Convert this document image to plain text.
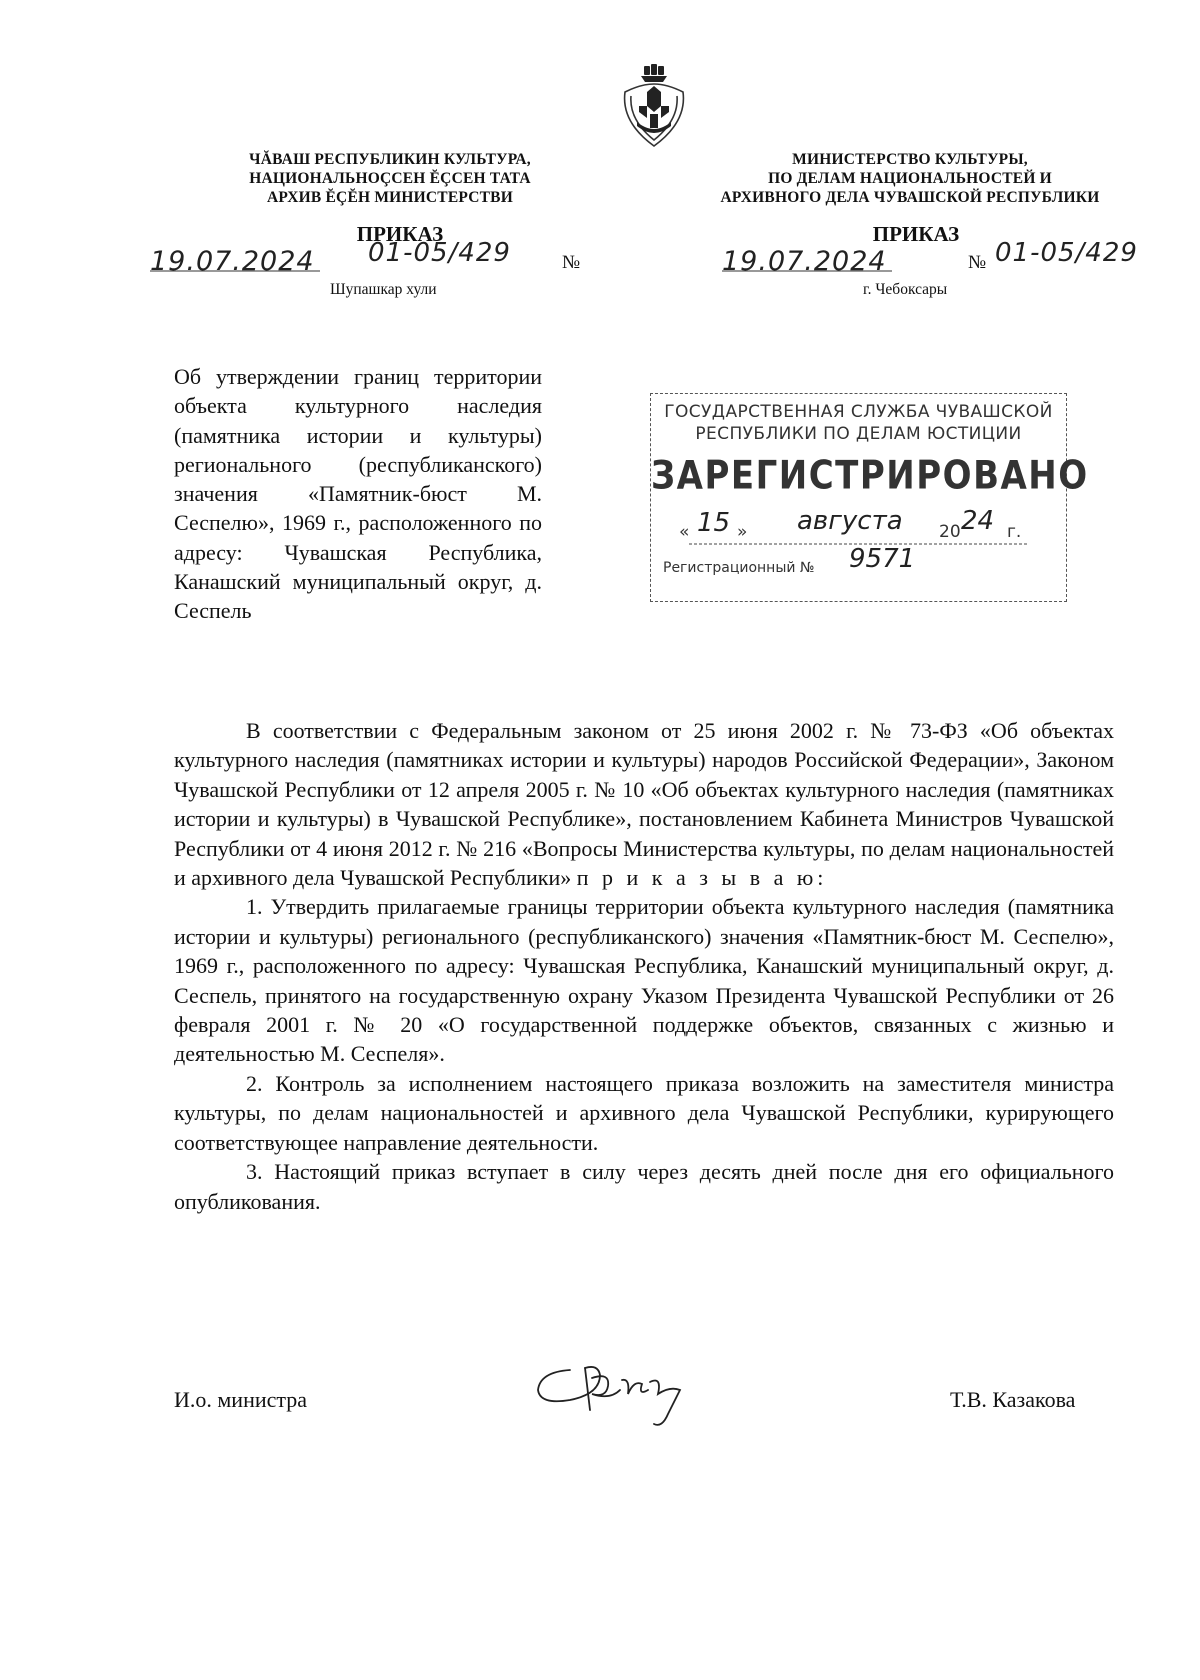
ЧĂВАШ РЕСПУБЛИКИН КУЛЬТУРА,
НАЦИОНАЛЬНОÇСЕН ĔÇСЕН ТАТА
АРХИВ ĔÇĔН МИНИСТЕРСТВИ
МИНИСТЕРСТВО КУЛЬТУРЫ,
ПО ДЕЛАМ НАЦИОНАЛЬНОСТЕЙ И
АРХИВНОГО ДЕЛА ЧУВАШСКОЙ РЕСПУБЛИКИ
ПРИКАЗ
19.07.2024 01-05/429	№
Шупашкар хули
ПРИКАЗ
19.07.2024	№ 01-05/429
г. Чебоксары
Об утверждении границ территории объекта культурного наследия (памятника истории и культуры) регионального (республиканского) значения «Памятник-бюст М. Сеспелю», 1969 г., расположенного по адресу: Чувашская Республика, Канашский муниципальный округ, д. Сеспель
ГОСУДАРСТВЕННАЯ СЛУЖБА ЧУВАШСКОЙ
РЕСПУБЛИКИ ПО ДЕЛАМ ЮСТИЦИИ
ЗАРЕГИСТРИРОВАНО
« 15 » августа 20 24 г.
Регистрационный № 9571

В соответствии с Федеральным законом от 25 июня 2002 г. № 73-ФЗ «Об объектах культурного наследия (памятниках истории и культуры) народов Российской Федерации», Законом Чувашской Республики от 12 апреля 2005 г. № 10 «Об объектах культурного наследия (памятниках истории и культуры) в Чувашской Республике», постановлением Кабинета Министров Чувашской Республики от 4 июня 2012 г. № 216 «Вопросы Министерства культуры, по делам национальностей и архивного дела Чувашской Республики» п р и к а з ы в а ю:

1. Утвердить прилагаемые границы территории объекта культурного наследия (памятника истории и культуры) регионального (республиканского) значения «Памятник-бюст М. Сеспелю», 1969 г., расположенного по адресу: Чувашская Республика, Канашский муниципальный округ, д. Сеспель, принятого на государственную охрану Указом Президента Чувашской Республики от 26 февраля 2001 г. № 20 «О государственной поддержке объектов, связанных с жизнью и деятельностью М. Сеспеля».

2. Контроль за исполнением настоящего приказа возложить на заместителя министра культуры, по делам национальностей и архивного дела Чувашской Республики, курирующего соответствующее направление деятельности.

3. Настоящий приказ вступает в силу через десять дней после дня его официального опубликования.

И.о. министра	Т.В. Казакова
